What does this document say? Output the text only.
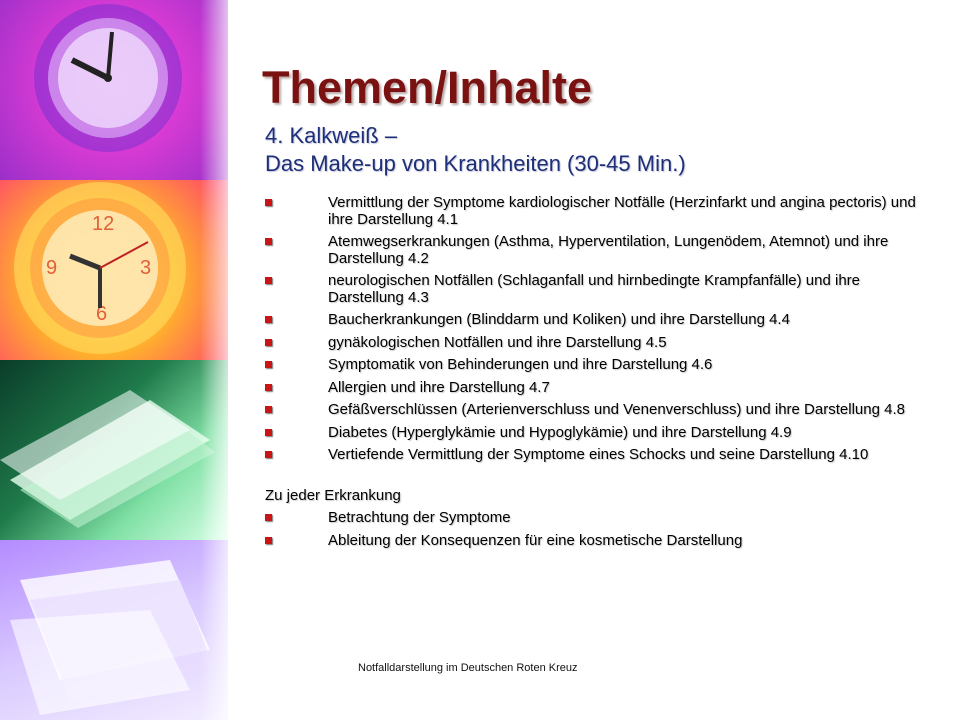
12
3
6
9
Themen/Inhalte
4. Kalkweiß –
Das Make-up von Krankheiten (30-45 Min.)
Vermittlung der Symptome kardiologischer Notfälle (Herzinfarkt und angina pectoris) und ihre Darstellung 4.1
Atemwegserkrankungen (Asthma, Hyperventilation, Lungenödem, Atemnot) und ihre Darstellung 4.2
neurologischen Notfällen (Schlaganfall und hirnbedingte Krampfanfälle) und ihre Darstellung 4.3
Baucherkrankungen (Blinddarm und Koliken) und ihre Darstellung 4.4
gynäkologischen Notfällen und ihre Darstellung 4.5
Symptomatik von Behinderungen und ihre Darstellung 4.6
Allergien und ihre Darstellung 4.7
Gefäßverschlüssen (Arterienverschluss und Venenverschluss) und ihre Darstellung 4.8
Diabetes (Hyperglykämie und Hypoglykämie) und ihre Darstellung 4.9
Vertiefende Vermittlung der Symptome eines Schocks und seine Darstellung 4.10
Zu jeder Erkrankung
Betrachtung der Symptome
Ableitung der Konsequenzen für eine kosmetische Darstellung
Notfalldarstellung im Deutschen Roten Kreuz
